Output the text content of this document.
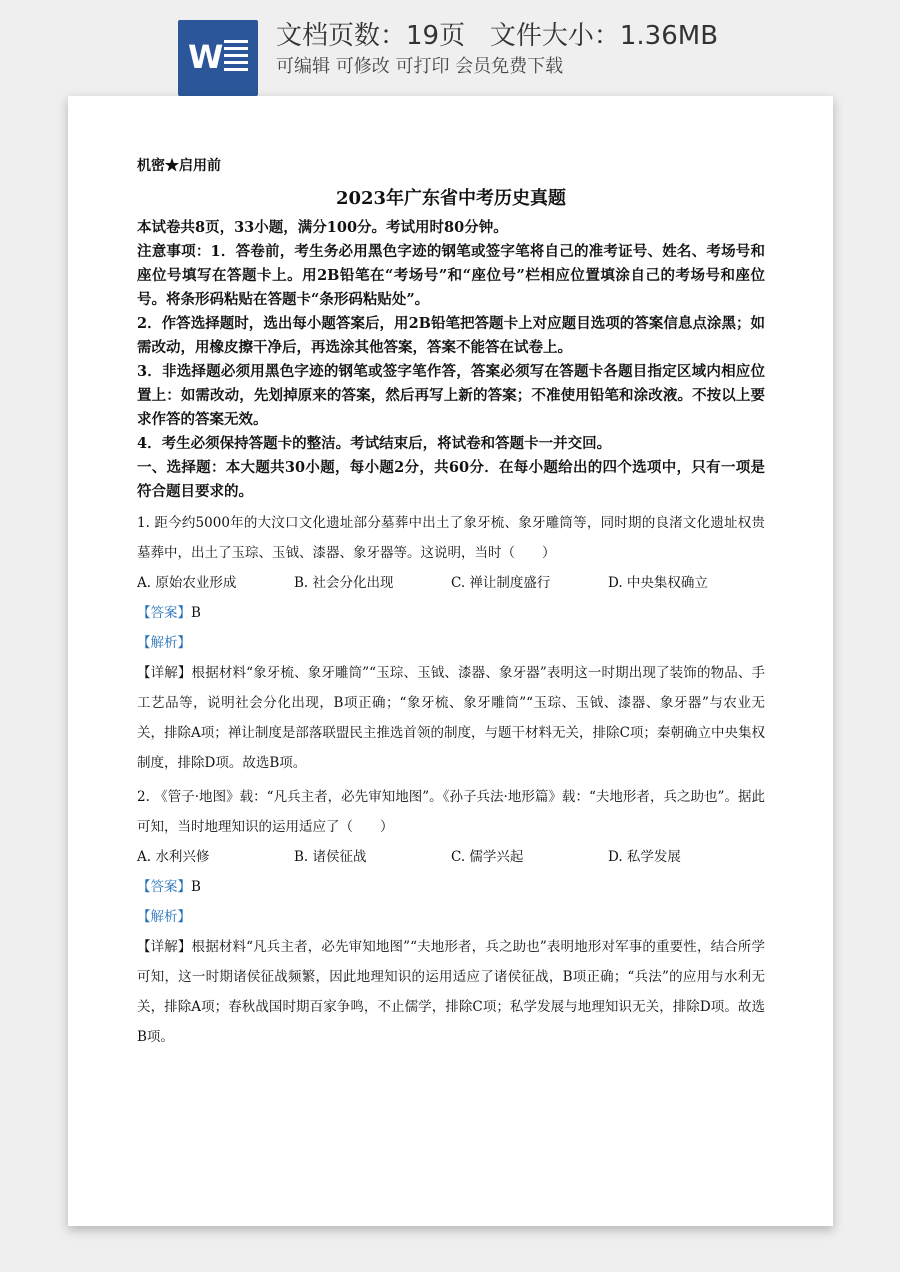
W
文档页数：19页   文件大小：1.36MB
可编辑 可修改 可打印 会员免费下载

机密★启用前

2023年广东省中考历史真题

本试卷共8页，33小题，满分100分。考试用时80分钟。

注意事项：1．答卷前，考生务必用黑色字迹的钢笔或签字笔将自己的准考证号、姓名、考场号和座位号填写在答题卡上。用2B铅笔在“考场号”和“座位号”栏相应位置填涂自己的考场号和座位号。将条形码粘贴在答题卡“条形码粘贴处”。

2．作答选择题时，选出每小题答案后，用2B铅笔把答题卡上对应题目选项的答案信息点涂黑；如需改动，用橡皮擦干净后，再选涂其他答案，答案不能答在试卷上。

3．非选择题必须用黑色字迹的钢笔或签字笔作答，答案必须写在答题卡各题目指定区域内相应位置上：如需改动，先划掉原来的答案，然后再写上新的答案；不准使用铅笔和涂改液。不按以上要求作答的答案无效。

4．考生必须保持答题卡的整洁。考试结束后，将试卷和答题卡一并交回。

一、选择题：本大题共30小题，每小题2分，共60分．在每小题给出的四个选项中，只有一项是符合题目要求的。

1. 距今约5000年的大汶口文化遗址部分墓葬中出土了象牙梳、象牙雕筒等，同时期的良渚文化遗址权贵墓葬中，出土了玉琮、玉钺、漆器、象牙器等。这说明，当时（　　）

A. 原始农业形成	B. 社会分化出现	C. 禅让制度盛行	D. 中央集权确立

【答案】B

【解析】

【详解】根据材料“象牙梳、象牙雕筒”“玉琮、玉钺、漆器、象牙器”表明这一时期出现了装饰的物品、手工艺品等，说明社会分化出现，B项正确；“象牙梳、象牙雕筒”“玉琮、玉钺、漆器、象牙器”与农业无关，排除A项；禅让制度是部落联盟民主推选首领的制度，与题干材料无关，排除C项；秦朝确立中央集权制度，排除D项。故选B项。

2. 《管子·地图》载：“凡兵主者，必先审知地图”。《孙子兵法·地形篇》载：“夫地形者，兵之助也”。据此可知，当时地理知识的运用适应了（　　）

A. 水利兴修	B. 诸侯征战	C. 儒学兴起	D. 私学发展

【答案】B

【解析】

【详解】根据材料“凡兵主者，必先审知地图”“夫地形者，兵之助也”表明地形对军事的重要性，结合所学可知，这一时期诸侯征战频繁，因此地理知识的运用适应了诸侯征战，B项正确；“兵法”的应用与水利无关，排除A项；春秋战国时期百家争鸣，不止儒学，排除C项；私学发展与地理知识无关，排除D项。故选B项。
